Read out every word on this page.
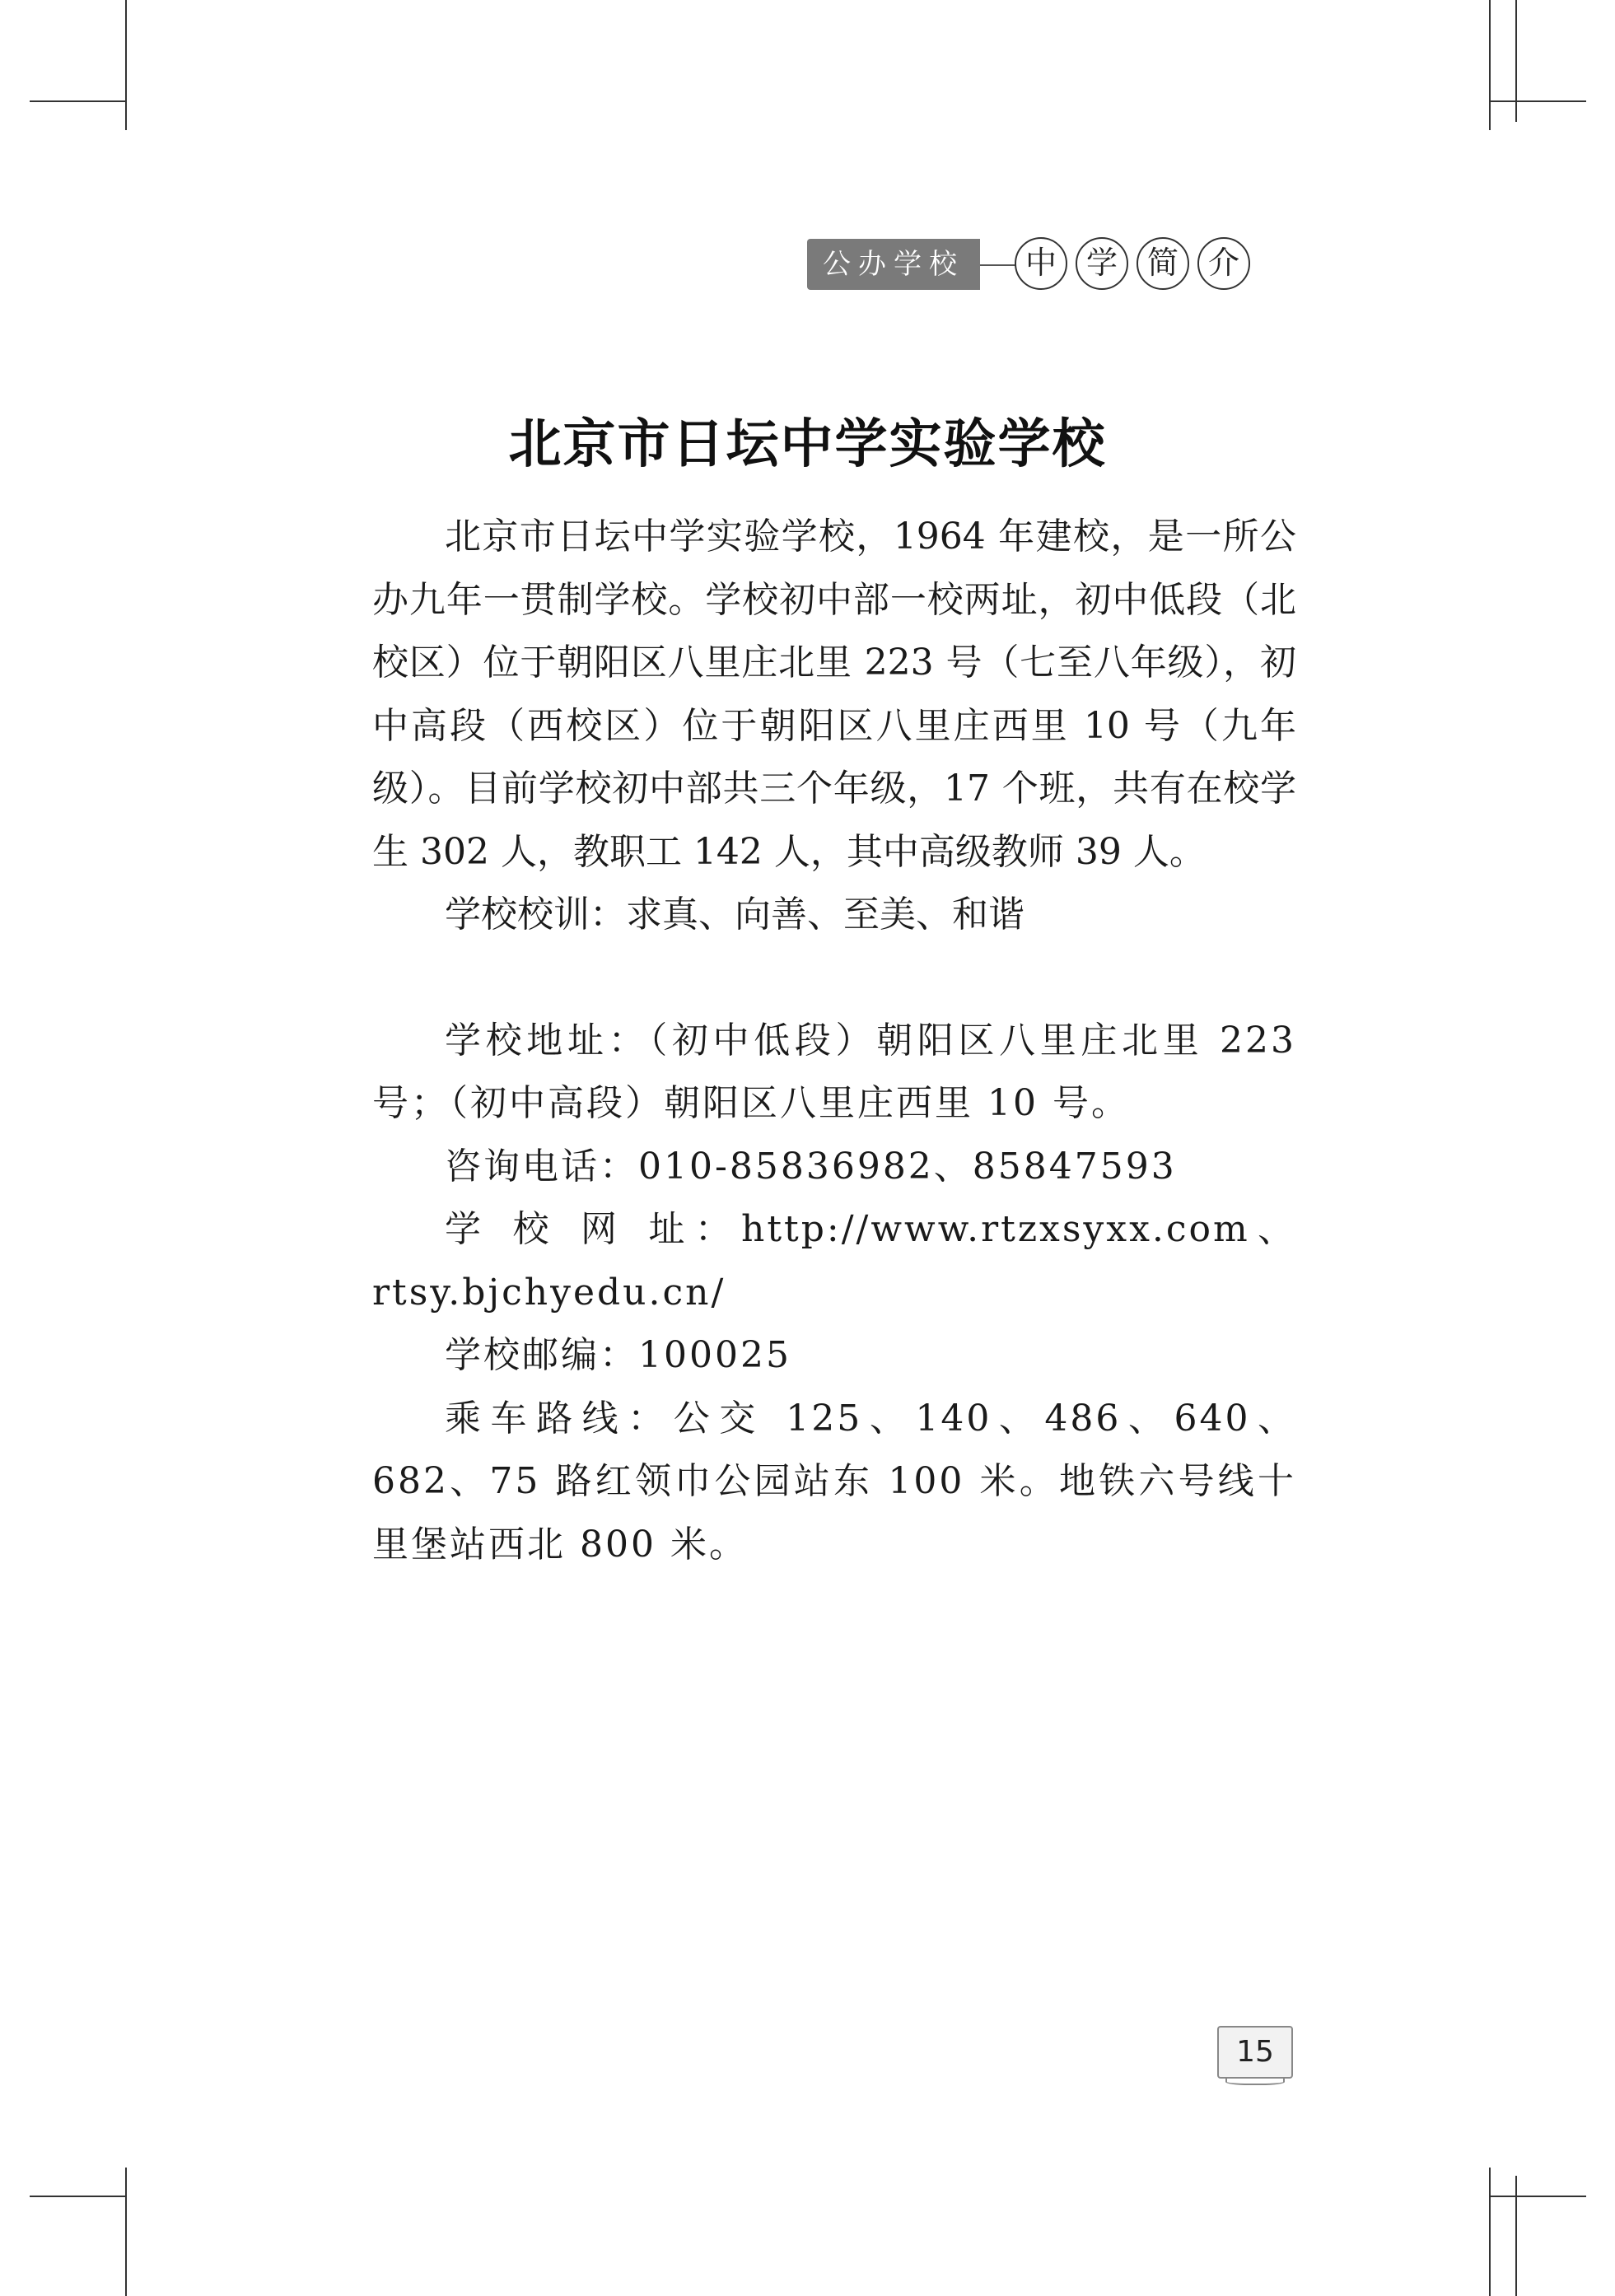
公办学校	中 学 简 介
北京市日坛中学实验学校

北京市日坛中学实验学校，1964 年建校，是一所公办九年一贯制学校。学校初中部一校两址，初中低段（北校区）位于朝阳区八里庄北里 223 号（七至八年级），初中高段（西校区）位于朝阳区八里庄西里 10 号（九年级）。目前学校初中部共三个年级，17 个班，共有在校学生 302 人，教职工 142 人，其中高级教师 39 人。

学校校训：求真、向善、至美、和谐

学校地址：（初中低段）朝阳区八里庄北里 223 号；（初中高段）朝阳区八里庄西里 10 号。

咨询电话：010-85836982、85847593

学 校 网 址：http://www.rtzxsyxx.com、rtsy.bjchyedu.cn/

学校邮编：100025

乘车路线：公交 125、140、486、640、682、75 路红领巾公园站东 100 米。地铁六号线十里堡站西北 800 米。

15
